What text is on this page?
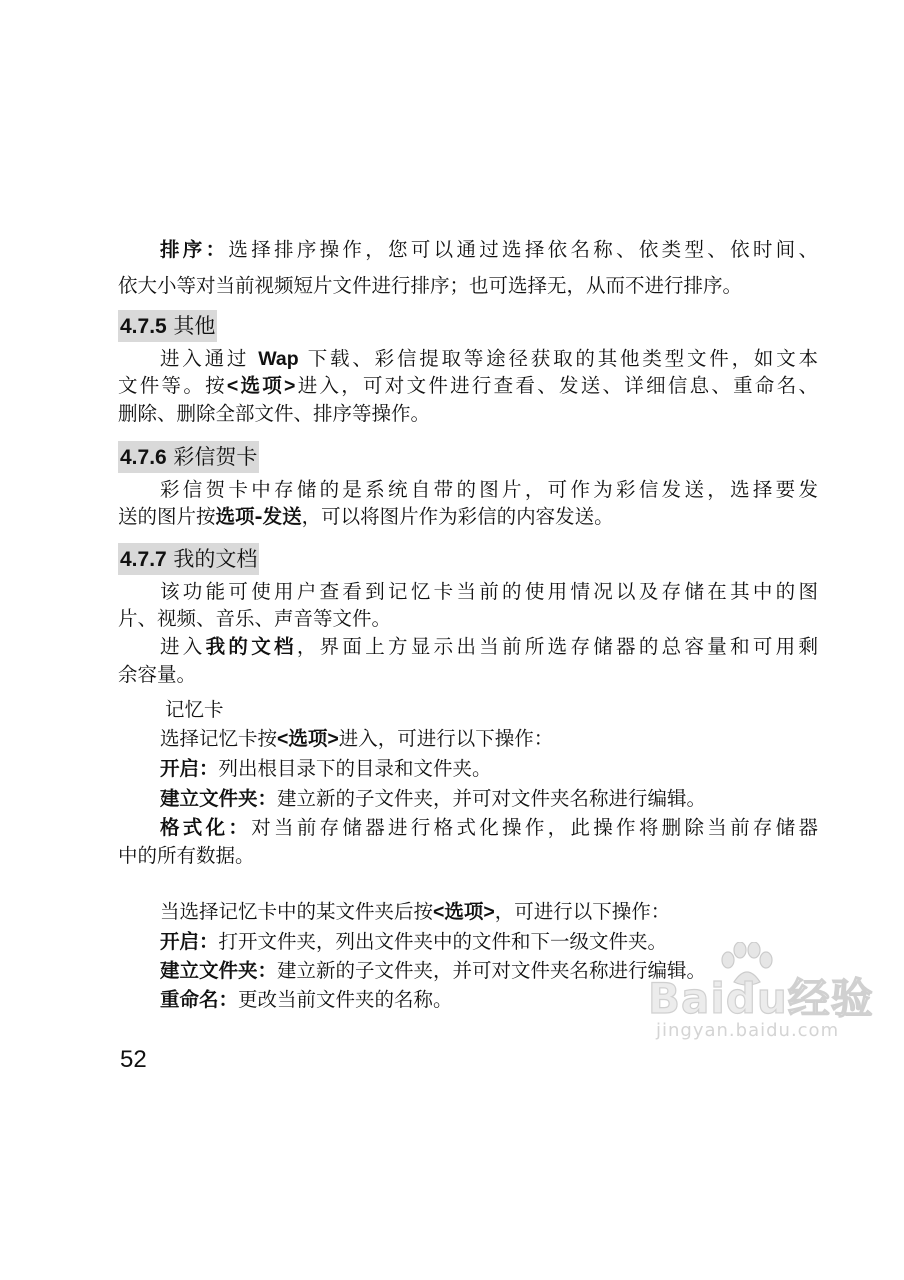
排序：选择排序操作，您可以通过选择依名称、依类型、依时间、

依大小等对当前视频短片文件进行排序；也可选择无，从而不进行排序。

4.7.5 其他

进入通过 Wap 下载、彩信提取等途径获取的其他类型文件，如文本

文件等。按<选项>进入，可对文件进行查看、发送、详细信息、重命名、

删除、删除全部文件、排序等操作。

4.7.6 彩信贺卡

彩信贺卡中存储的是系统自带的图片，可作为彩信发送，选择要发

送的图片按选项-发送，可以将图片作为彩信的内容发送。

4.7.7 我的文档

该功能可使用户查看到记忆卡当前的使用情况以及存储在其中的图

片、视频、音乐、声音等文件。

进入我的文档，界面上方显示出当前所选存储器的总容量和可用剩

余容量。

记忆卡

选择记忆卡按<选项>进入，可进行以下操作：

开启：列出根目录下的目录和文件夹。

建立文件夹：建立新的子文件夹，并可对文件夹名称进行编辑。

格式化：对当前存储器进行格式化操作，此操作将删除当前存储器

中的所有数据。

当选择记忆卡中的某文件夹后按<选项>，可进行以下操作：

开启：打开文件夹，列出文件夹中的文件和下一级文件夹。

建立文件夹：建立新的子文件夹，并可对文件夹名称进行编辑。

重命名：更改当前文件夹的名称。

52

Baidu经验
jingyan.baidu.com
